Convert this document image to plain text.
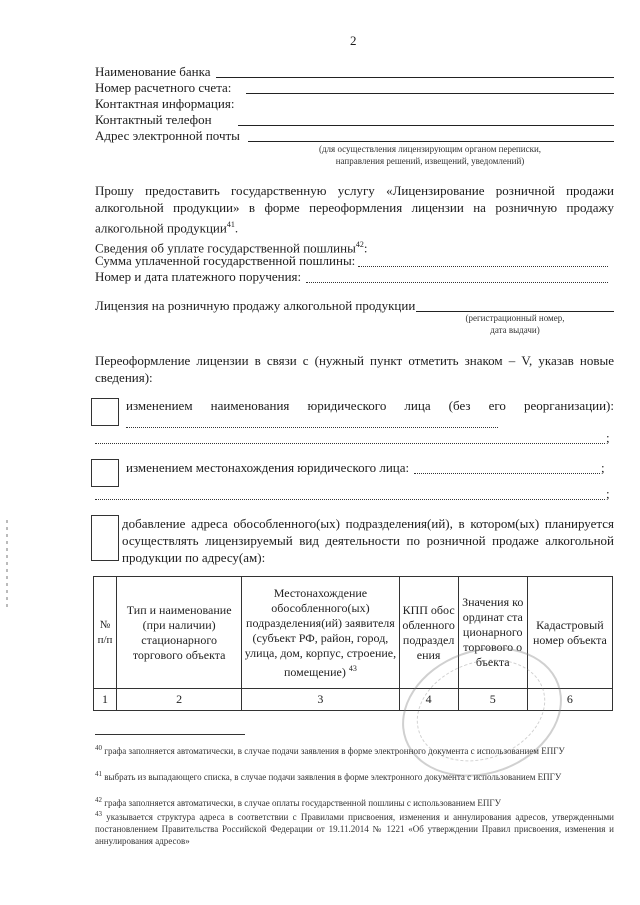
2
Наименование банка
Номер расчетного счета:
Контактная информация:
Контактный телефон
Адрес электронной почты
(для осуществления лицензирующим органом переписки,
направления решений, извещений, уведомлений)
Прошу предоставить государственную услугу «Лицензирование розничной продажи алкогольной продукции» в форме переоформления лицензии на розничную продажу алкогольной продукции$^{41}$.
Сведения об уплате государственной пошлины$^{42}$:
Сумма уплаченной государственной пошлины:
Номер и дата платежного поручения:
Лицензия на розничную продажу алкогольной продукции
(регистрационный номер,
дата выдачи)
Переоформление лицензии в связи с (нужный пункт отметить знаком – V, указав новые сведения):
изменением наименования юридического лица (без его реорганизации):
;
изменением местонахождения юридического лица:	;
;
добавление адреса обособленного(ых) подразделения(ий), в котором(ых) планируется осуществлять лицензируемый вид деятельности по розничной продаже алкогольной продукции по адресу(ам):
№ п/п	Тип и наименование (при наличии) стационарного торгового объекта	Местонахождение обособленного(ых) подразделения(ий) заявителя (субъект РФ, район, город, улица, дом, корпус, строение, помещение) $^{43}$	КПП обособленного подразделения	Значения координат стационарного торгового объекта	Кадастровый номер объекта
1	2	3	4	5	6
$^{40}$ графа заполняется автоматически, в случае подачи заявления в форме электронного документа с использованием ЕПГУ
$^{41}$ выбрать из выпадающего списка, в случае подачи заявления в форме электронного документа с использованием ЕПГУ
$^{42}$ графа заполняется автоматически, в случае оплаты государственной пошлины с использованием ЕПГУ
$^{43}$ указывается структура адреса в соответствии с Правилами присвоения, изменения и аннулирования адресов, утвержденными постановлением Правительства Российской Федерации от 19.11.2014 № 1221 «Об утверждении Правил присвоения, изменения и аннулирования адресов»
